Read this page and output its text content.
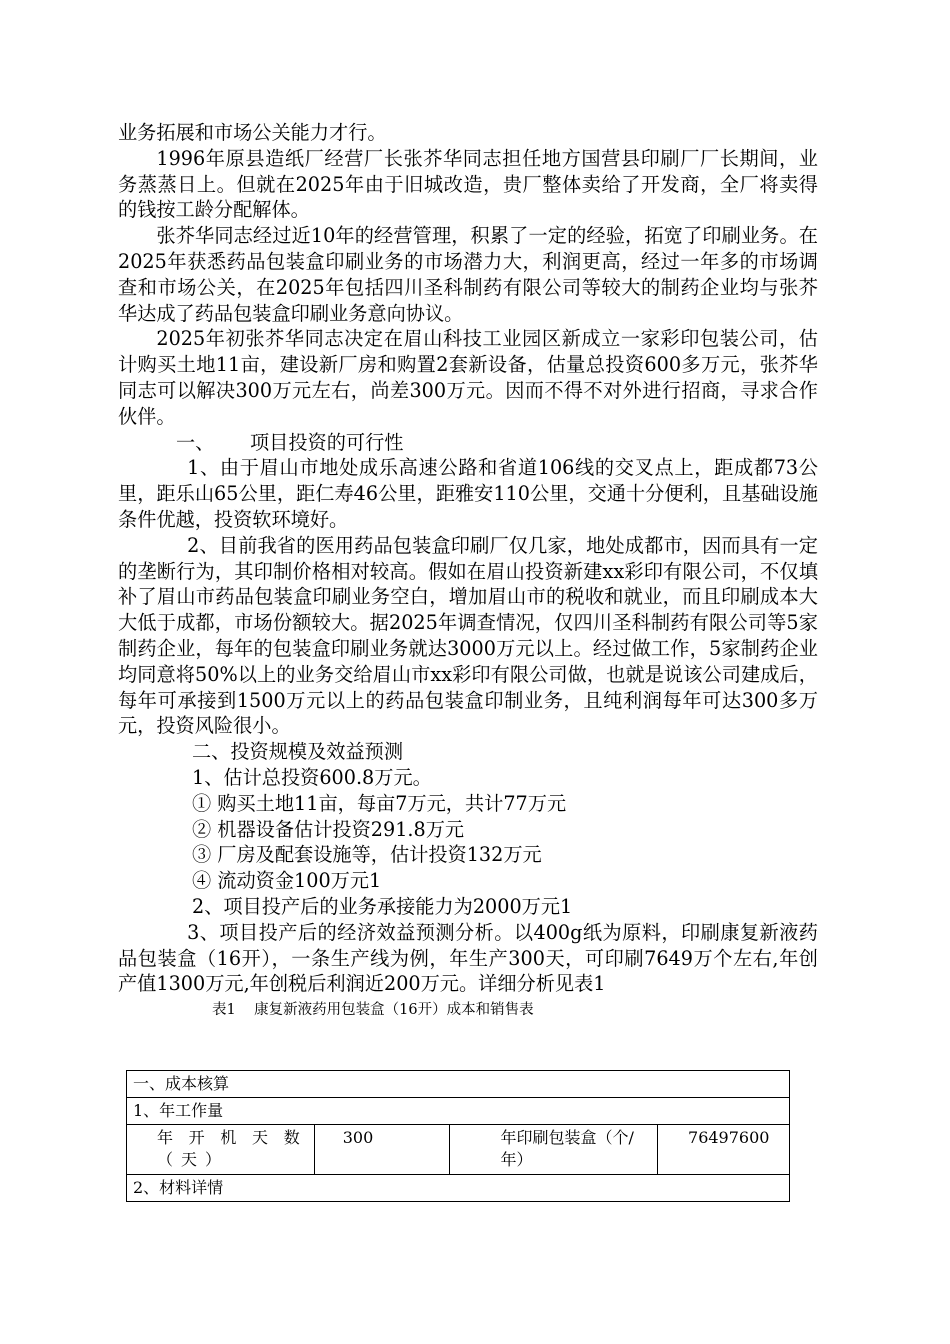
业务拓展和市场公关能力才行。

1996年原县造纸厂经营厂长张芥华同志担任地方国营县印刷厂厂长期间，业务蒸蒸日上。但就在2025年由于旧城改造，贵厂整体卖给了开发商，全厂将卖得的钱按工龄分配解体。

张芥华同志经过近10年的经营管理，积累了一定的经验，拓宽了印刷业务。在2025年获悉药品包装盒印刷业务的市场潜力大，利润更高，经过一年多的市场调查和市场公关，在2025年包括四川圣科制药有限公司等较大的制药企业均与张芥华达成了药品包装盒印刷业务意向协议。

2025年初张芥华同志决定在眉山科技工业园区新成立一家彩印包装公司，估计购买土地11亩，建设新厂房和购置2套新设备，估量总投资600多万元，张芥华同志可以解决300万元左右，尚差300万元。因而不得不对外进行招商，寻求合作伙伴。

一、 项目投资的可行性

1、由于眉山市地处成乐高速公路和省道106线的交叉点上，距成都73公里，距乐山65公里，距仁寿46公里，距雅安110公里，交通十分便利，且基础设施条件优越，投资软环境好。

2、目前我省的医用药品包装盒印刷厂仅几家，地处成都市，因而具有一定的垄断行为，其印制价格相对较高。假如在眉山投资新建xx彩印有限公司，不仅填补了眉山市药品包装盒印刷业务空白，增加眉山市的税收和就业，而且印刷成本大大低于成都，市场份额较大。据2025年调查情况，仅四川圣科制药有限公司等5家制药企业，每年的包装盒印刷业务就达3000万元以上。经过做工作，5家制药企业均同意将50%以上的业务交给眉山市xx彩印有限公司做，也就是说该公司建成后，每年可承接到1500万元以上的药品包装盒印制业务，且纯利润每年可达300多万元，投资风险很小。

二、投资规模及效益预测

1、估计总投资600.8万元。

① 购买土地11亩，每亩7万元，共计77万元

② 机器设备估计投资291.8万元

③ 厂房及配套设施等，估计投资132万元

④ 流动资金100万元1

2、项目投产后的业务承接能力为2000万元1

3、项目投产后的经济效益预测分析。以400g纸为原料，印刷康复新液药品包装盒（16开），一条生产线为例，年生产300天，可印刷7649万个左右,年创产值1300万元,年创税后利润近200万元。详细分析见表1

表1 康复新液药用包装盒（16开）成本和销售表

一、成本核算
1、年工作量
年开机天数（天）	300	年印刷包装盒（个/年）	76497600
2、材料详情
